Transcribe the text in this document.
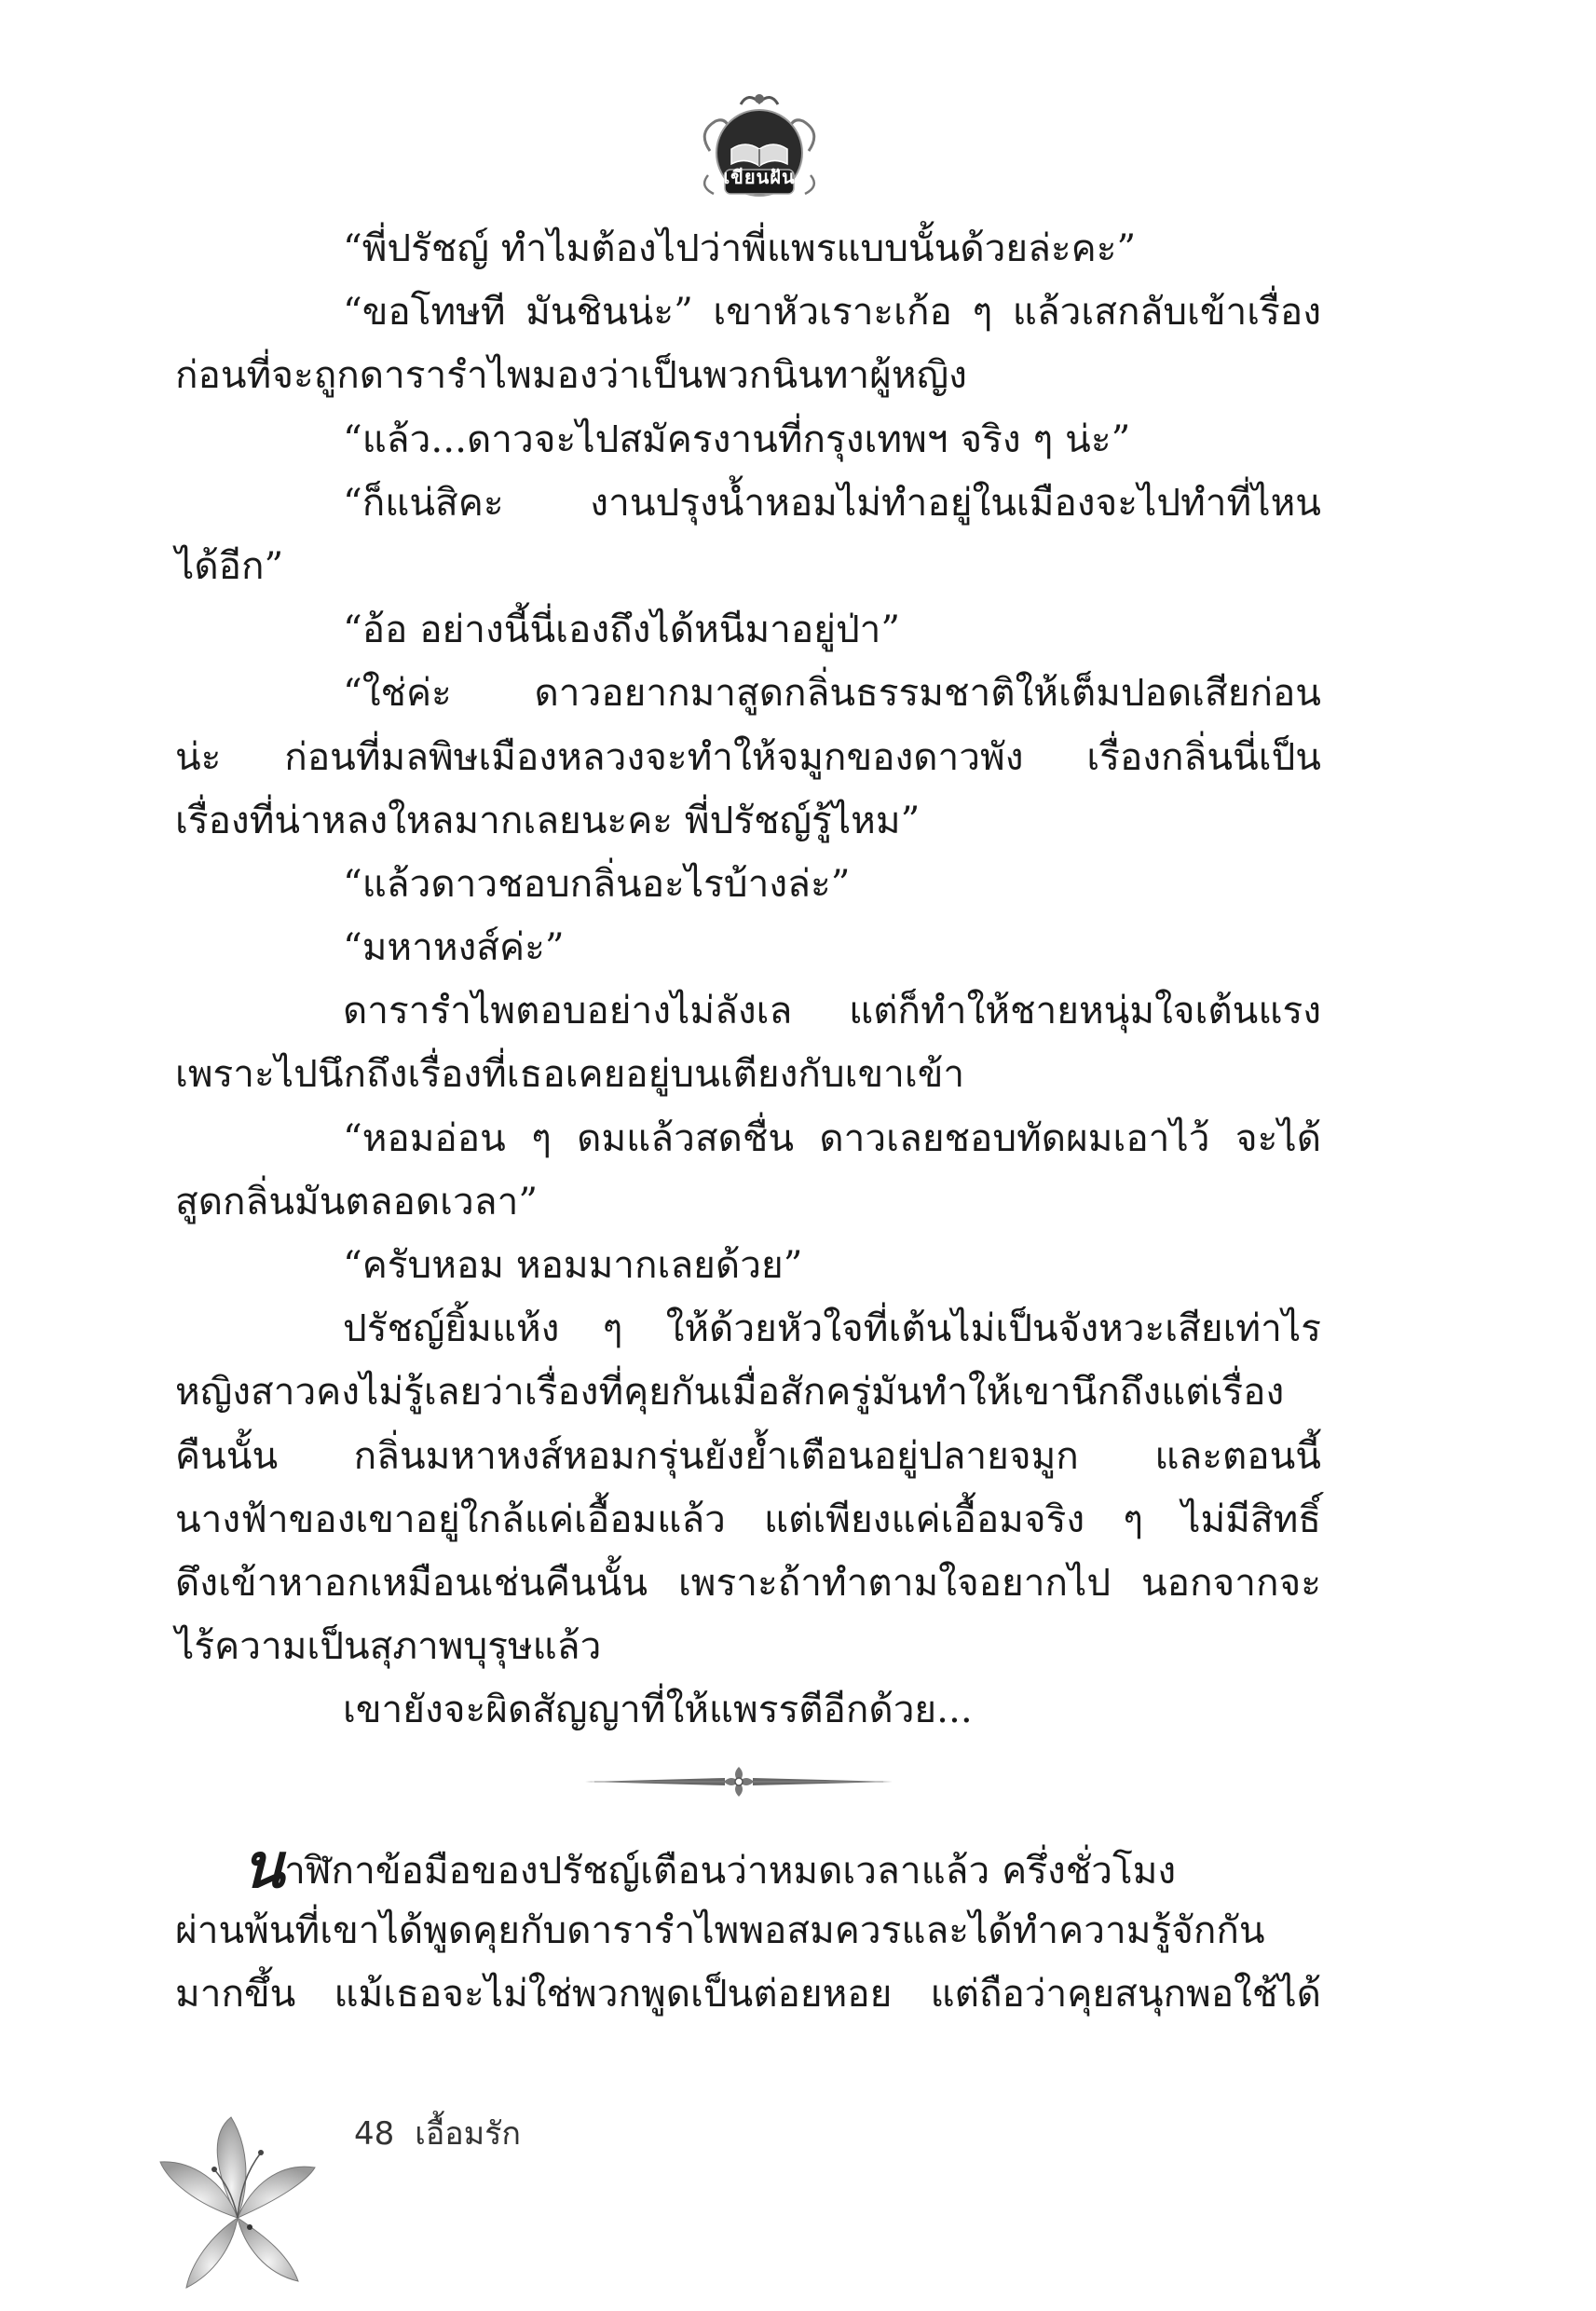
เขียนฝัน
“พี่ปรัชญ์ ทำไมต้องไปว่าพี่แพรแบบนั้นด้วยล่ะคะ”
“ขอโทษที มันชินน่ะ” เขาหัวเราะเก้อ ๆ แล้วเสกลับเข้าเรื่อง
ก่อนที่จะถูกดารารำไพมองว่าเป็นพวกนินทาผู้หญิง
“แล้ว...ดาวจะไปสมัครงานที่กรุงเทพฯ จริง ๆ น่ะ”
“ก็แน่สิคะ งานปรุงน้ำหอมไม่ทำอยู่ในเมืองจะไปทำที่ไหน
ได้อีก”
“อ้อ อย่างนี้นี่เองถึงได้หนีมาอยู่ป่า”
“ใช่ค่ะ ดาวอยากมาสูดกลิ่นธรรมชาติให้เต็มปอดเสียก่อน
น่ะ ก่อนที่มลพิษเมืองหลวงจะทำให้จมูกของดาวพัง เรื่องกลิ่นนี่เป็น
เรื่องที่น่าหลงใหลมากเลยนะคะ พี่ปรัชญ์รู้ไหม”
“แล้วดาวชอบกลิ่นอะไรบ้างล่ะ”
“มหาหงส์ค่ะ”
ดารารำไพตอบอย่างไม่ลังเล แต่ก็ทำให้ชายหนุ่มใจเต้นแรง
เพราะไปนึกถึงเรื่องที่เธอเคยอยู่บนเตียงกับเขาเข้า
“หอมอ่อน ๆ ดมแล้วสดชื่น ดาวเลยชอบทัดผมเอาไว้ จะได้
สูดกลิ่นมันตลอดเวลา”
“ครับหอม หอมมากเลยด้วย”
ปรัชญ์ยิ้มแห้ง ๆ ให้ด้วยหัวใจที่เต้นไม่เป็นจังหวะเสียเท่าไร
หญิงสาวคงไม่รู้เลยว่าเรื่องที่คุยกันเมื่อสักครู่มันทำให้เขานึกถึงแต่เรื่อง
คืนนั้น กลิ่นมหาหงส์หอมกรุ่นยังย้ำเตือนอยู่ปลายจมูก และตอนนี้
นางฟ้าของเขาอยู่ใกล้แค่เอื้อมแล้ว แต่เพียงแค่เอื้อมจริง ๆ ไม่มีสิทธิ์
ดึงเข้าหาอกเหมือนเช่นคืนนั้น เพราะถ้าทำตามใจอยากไป นอกจากจะ
ไร้ความเป็นสุภาพบุรุษแล้ว
เขายังจะผิดสัญญาที่ให้แพรรตีอีกด้วย...
นาฬิกาข้อมือของปรัชญ์เตือนว่าหมดเวลาแล้ว ครึ่งชั่วโมง
ผ่านพ้นที่เขาได้พูดคุยกับดารารำไพพอสมควรและได้ทำความรู้จักกัน
มากขึ้น แม้เธอจะไม่ใช่พวกพูดเป็นต่อยหอย แต่ถือว่าคุยสนุกพอใช้ได้
48 เอื้อมรัก
